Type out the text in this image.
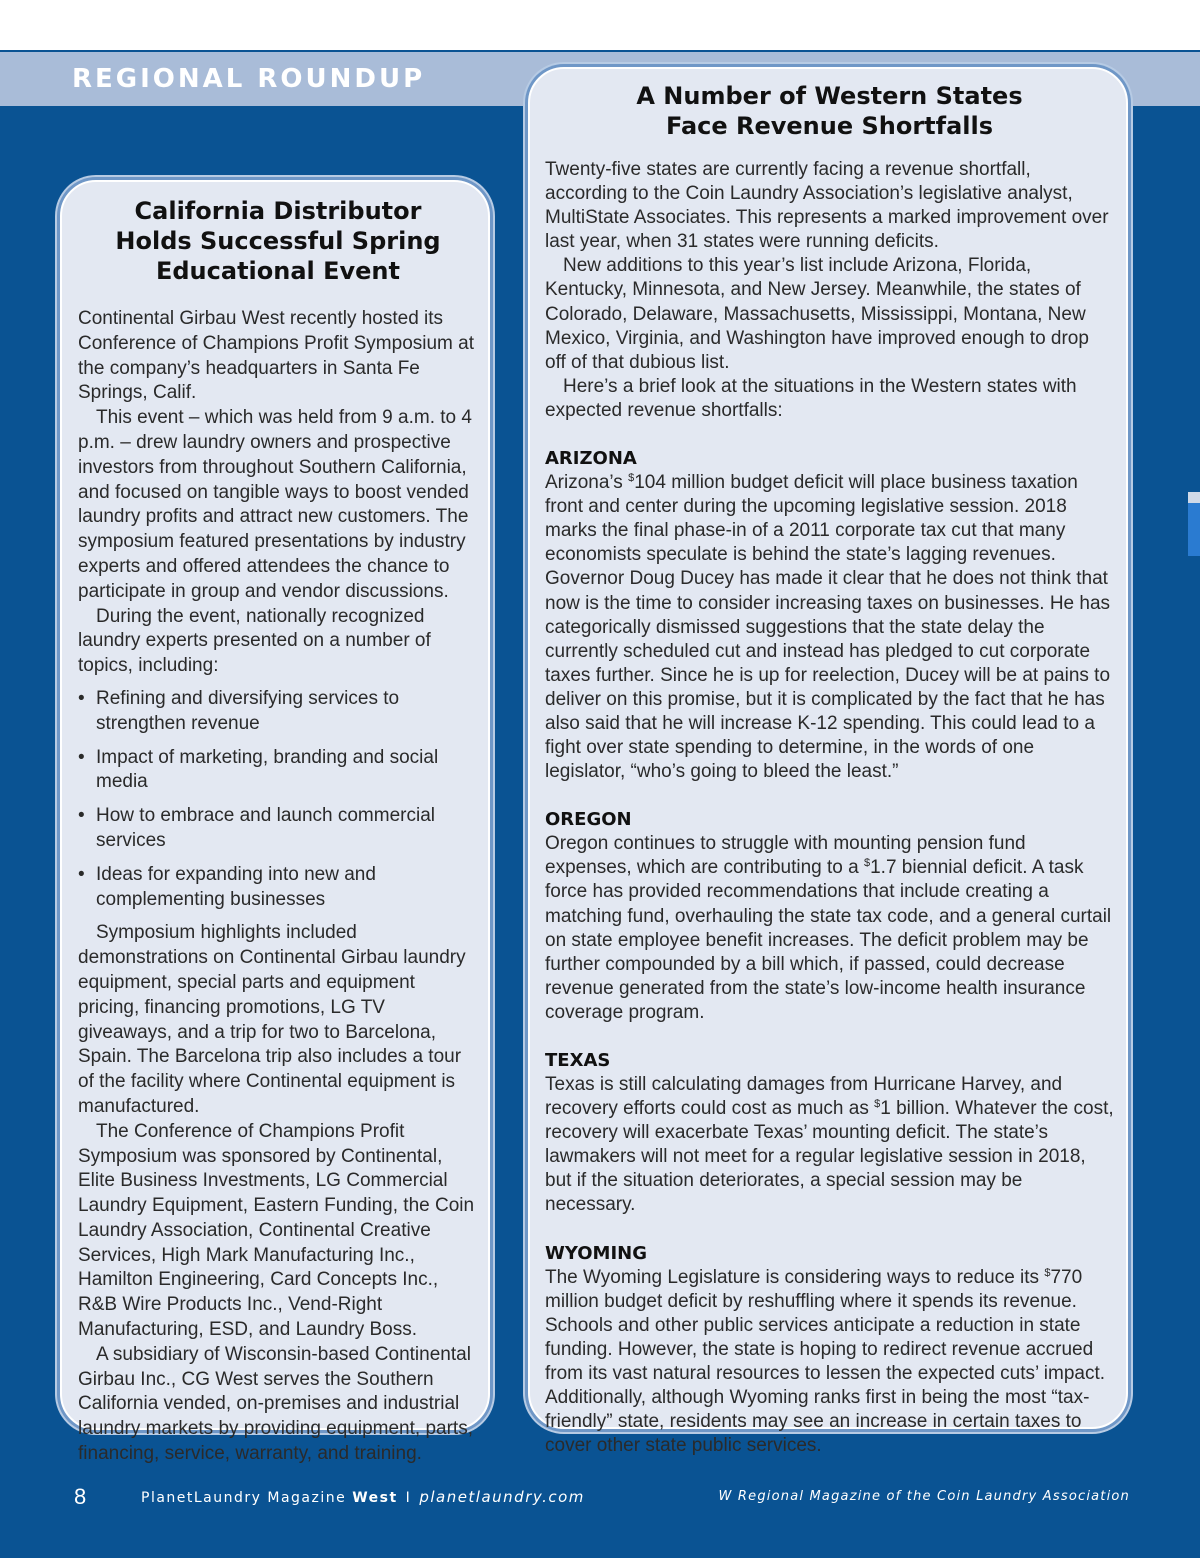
REGIONAL ROUNDUP
California Distributor
Holds Successful Spring
Educational Event

Continental Girbau West recently hosted its Conference of Champions Profit Symposium at the company’s headquarters in Santa Fe Springs, Calif.

This event – which was held from 9 a.m. to 4 p.m. – drew laundry owners and prospective investors from throughout Southern California, and focused on tangible ways to boost vended laundry profits and attract new customers. The symposium featured presentations by industry experts and offered attendees the chance to participate in group and vendor discussions.

During the event, nationally recognized laundry experts presented on a number of topics, including:

• Refining and diversifying services to strengthen revenue
• Impact of marketing, branding and social media
• How to embrace and launch commercial services
• Ideas for expanding into new and complementing businesses

Symposium highlights included demonstrations on Continental Girbau laundry equipment, special parts and equipment pricing, financing promotions, LG TV giveaways, and a trip for two to Barcelona, Spain. The Barcelona trip also includes a tour of the facility where Continental equipment is manufactured.

The Conference of Champions Profit Symposium was sponsored by Continental, Elite Business Investments, LG Commercial Laundry Equipment, Eastern Funding, the Coin Laundry Association, Continental Creative Services, High Mark Manufacturing Inc., Hamilton Engineering, Card Concepts Inc., R&B Wire Products Inc., Vend-Right Manufacturing, ESD, and Laundry Boss.

A subsidiary of Wisconsin-based Continental Girbau Inc., CG West serves the Southern California vended, on-premises and industrial laundry markets by providing equipment, parts, financing, service, warranty, and training.

A Number of Western States
Face Revenue Shortfalls

Twenty-five states are currently facing a revenue shortfall, according to the Coin Laundry Association’s legislative analyst, MultiState Associates. This represents a marked improvement over last year, when 31 states were running deficits.

New additions to this year’s list include Arizona, Florida, Kentucky, Minnesota, and New Jersey. Meanwhile, the states of Colorado, Delaware, Massachusetts, Mississippi, Montana, New Mexico, Virginia, and Washington have improved enough to drop off of that dubious list.

Here’s a brief look at the situations in the Western states with expected revenue shortfalls:

ARIZONA

Arizona’s $104 million budget deficit will place business taxation front and center during the upcoming legislative session. 2018 marks the final phase-in of a 2011 corporate tax cut that many economists speculate is behind the state’s lagging revenues. Governor Doug Ducey has made it clear that he does not think that now is the time to consider increasing taxes on businesses. He has categorically dismissed suggestions that the state delay the currently scheduled cut and instead has pledged to cut corporate taxes further. Since he is up for reelection, Ducey will be at pains to deliver on this promise, but it is complicated by the fact that he has also said that he will increase K-12 spending. This could lead to a fight over state spending to determine, in the words of one legislator, “who’s going to bleed the least.”

OREGON

Oregon continues to struggle with mounting pension fund expenses, which are contributing to a $1.7 biennial deficit. A task force has provided recommendations that include creating a matching fund, overhauling the state tax code, and a general curtail on state employee benefit increases. The deficit problem may be further compounded by a bill which, if passed, could decrease revenue generated from the state’s low-income health insurance coverage program.

TEXAS

Texas is still calculating damages from Hurricane Harvey, and recovery efforts could cost as much as $1 billion. Whatever the cost, recovery will exacerbate Texas’ mounting deficit. The state’s lawmakers will not meet for a regular legislative session in 2018, but if the situation deteriorates, a special session may be necessary.

WYOMING

The Wyoming Legislature is considering ways to reduce its $770 million budget deficit by reshuffling where it spends its revenue. Schools and other public services anticipate a reduction in state funding. However, the state is hoping to redirect revenue accrued from its vast natural resources to lessen the expected cuts’ impact. Additionally, although Wyoming ranks first in being the most “tax-friendly” state, residents may see an increase in certain taxes to cover other state public services.

8	PlanetLaundry Magazine West I planetlaundry.com	W Regional Magazine of the Coin Laundry Association
